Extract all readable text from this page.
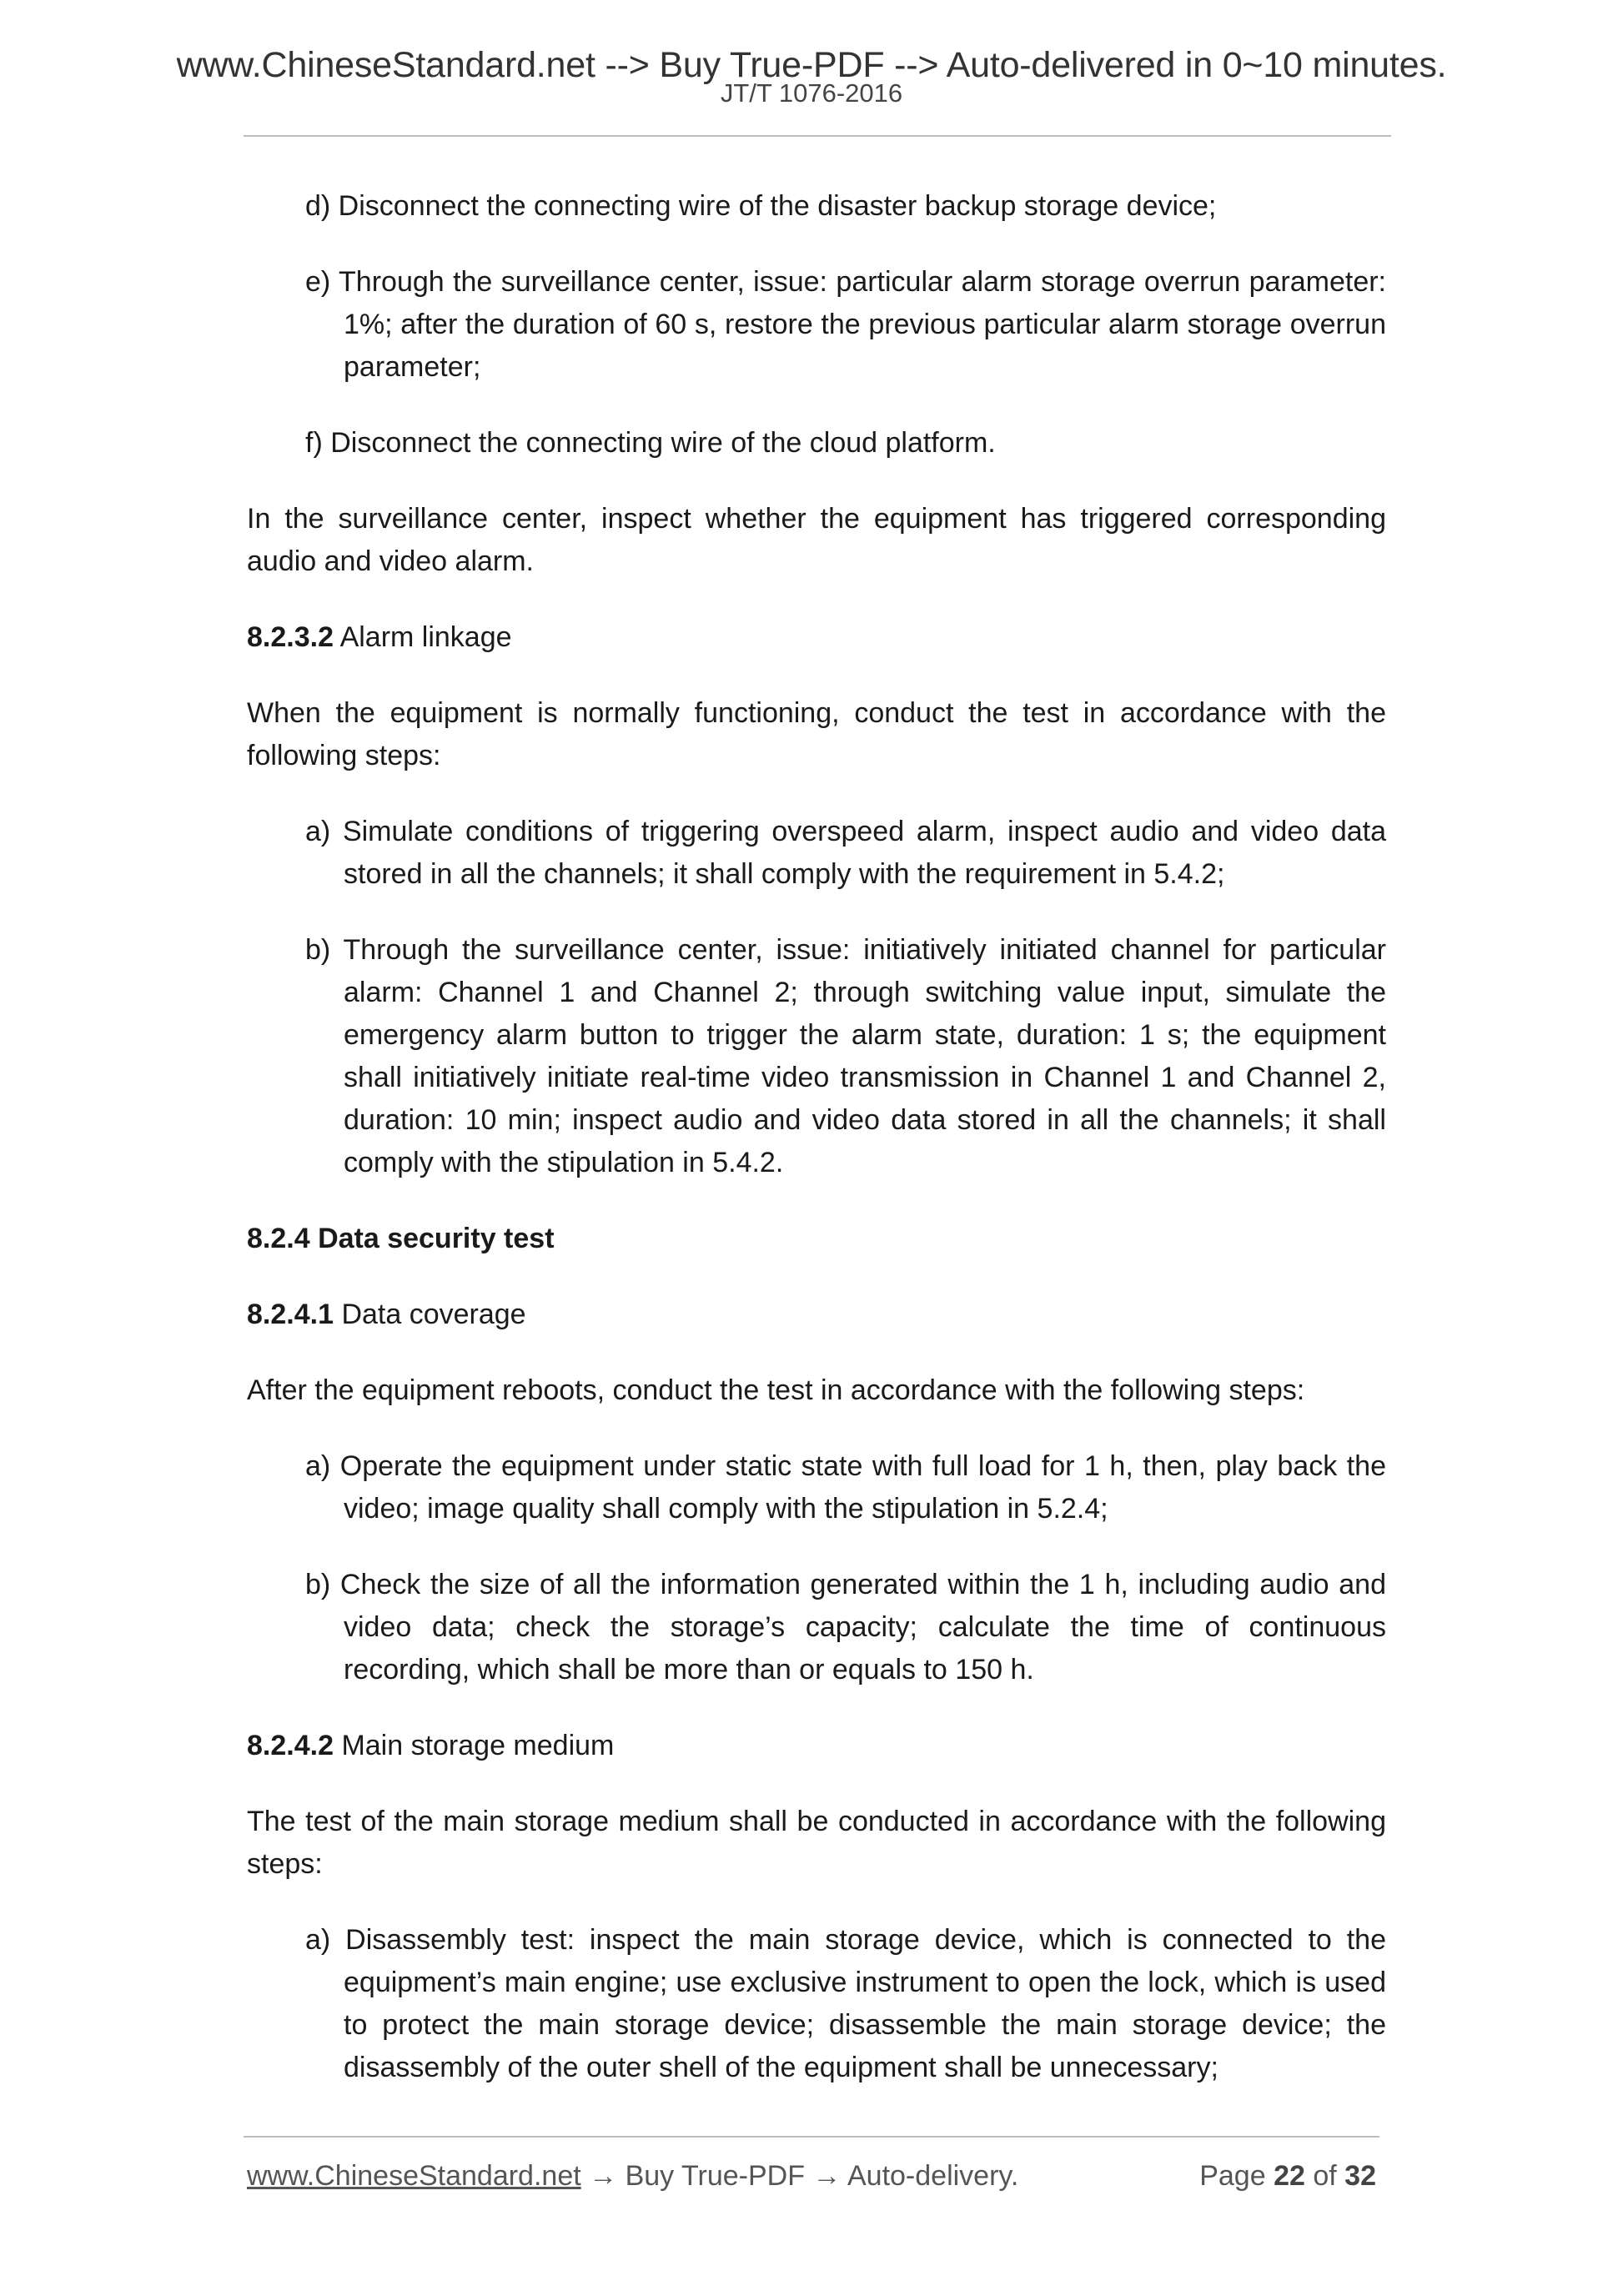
www.ChineseStandard.net --> Buy True-PDF --> Auto-delivered in 0~10 minutes.
JT/T 1076-2016

d) Disconnect the connecting wire of the disaster backup storage device;

e) Through the surveillance center, issue: particular alarm storage overrun parameter: 1%; after the duration of 60 s, restore the previous particular alarm storage overrun parameter;

f) Disconnect the connecting wire of the cloud platform.

In the surveillance center, inspect whether the equipment has triggered corresponding audio and video alarm.

8.2.3.2 Alarm linkage

When the equipment is normally functioning, conduct the test in accordance with the following steps:

a) Simulate conditions of triggering overspeed alarm, inspect audio and video data stored in all the channels; it shall comply with the requirement in 5.4.2;

b) Through the surveillance center, issue: initiatively initiated channel for particular alarm: Channel 1 and Channel 2; through switching value input, simulate the emergency alarm button to trigger the alarm state, duration: 1 s; the equipment shall initiatively initiate real-time video transmission in Channel 1 and Channel 2, duration: 10 min; inspect audio and video data stored in all the channels; it shall comply with the stipulation in 5.4.2.

8.2.4 Data security test

8.2.4.1 Data coverage

After the equipment reboots, conduct the test in accordance with the following steps:

a) Operate the equipment under static state with full load for 1 h, then, play back the video; image quality shall comply with the stipulation in 5.2.4;

b) Check the size of all the information generated within the 1 h, including audio and video data; check the storage’s capacity; calculate the time of continuous recording, which shall be more than or equals to 150 h.

8.2.4.2 Main storage medium

The test of the main storage medium shall be conducted in accordance with the following steps:

a) Disassembly test: inspect the main storage device, which is connected to the equipment’s main engine; use exclusive instrument to open the lock, which is used to protect the main storage device; disassemble the main storage device; the disassembly of the outer shell of the equipment shall be unnecessary;

www.ChineseStandard.net → Buy True-PDF → Auto-delivery.	Page 22 of 32
